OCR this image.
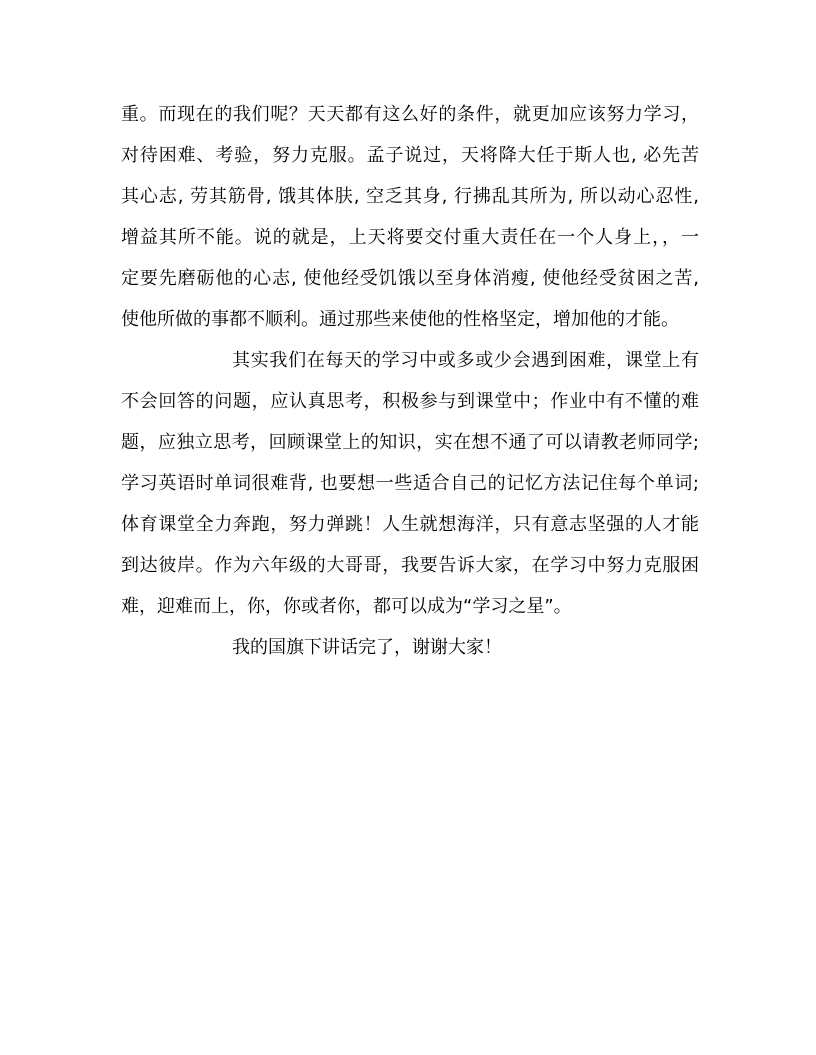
重。而现在的我们呢？天天都有这么好的条件，就更加应该努力学习，
对待困难、考验，努力克服。孟子说过，天将降大任于斯人也, 必先苦
其心志, 劳其筋骨, 饿其体肤, 空乏其身, 行拂乱其所为, 所以动心忍性,
增益其所不能。说的就是，上天将要交付重大责任在一个人身上，，一
定要先磨砺他的心志, 使他经受饥饿以至身体消瘦, 使他经受贫困之苦,
使他所做的事都不顺利。通过那些来使他的性格坚定，增加他的才能。
其实我们在每天的学习中或多或少会遇到困难，课堂上有
不会回答的问题，应认真思考，积极参与到课堂中；作业中有不懂的难
题，应独立思考，回顾课堂上的知识，实在想不通了可以请教老师同学;
学习英语时单词很难背, 也要想一些适合自己的记忆方法记住每个单词;
体育课堂全力奔跑，努力弹跳！人生就想海洋，只有意志坚强的人才能
到达彼岸。作为六年级的大哥哥，我要告诉大家，在学习中努力克服困
难，迎难而上，你，你或者你，都可以成为“学习之星”。
我的国旗下讲话完了，谢谢大家！
